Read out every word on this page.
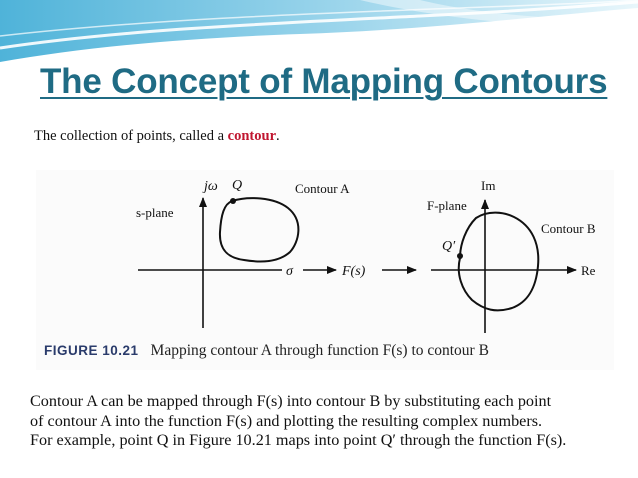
The Concept of Mapping Contours
The collection of points, called a contour.
jω Q
s-plane
Contour A
σ	F(s)
Im
F-plane
Contour B
Q′
Re
FIGURE 10.21 Mapping contour A through function F(s) to contour B
Contour A can be mapped through F(s) into contour B by substituting each point
of contour A into the function F(s) and plotting the resulting complex numbers.
For example, point Q in Figure 10.21 maps into point Q′ through the function F(s).
